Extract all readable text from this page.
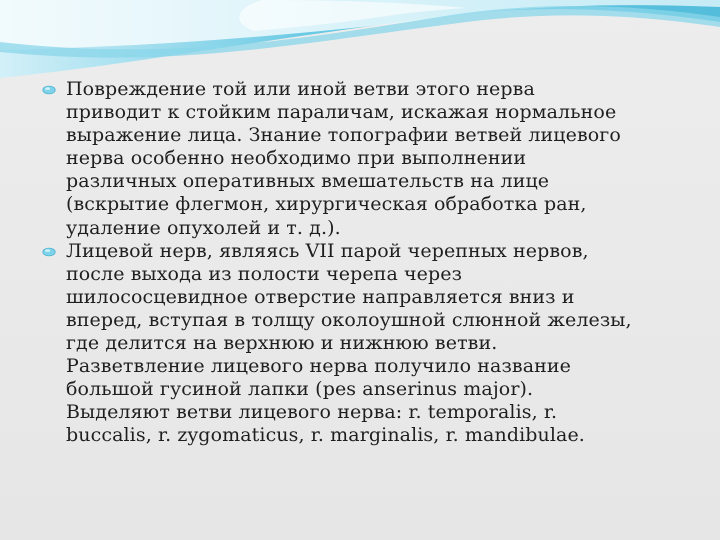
Повреждение той или иной ветви этого нерва
приводит к стойким параличам, искажая нормальное
выражение лица. Знание топографии ветвей лицевого
нерва особенно необходимо при выполнении
различных оперативных вмешательств на лице
(вскрытие флегмон, хирургическая обработка ран,
удаление опухолей и т. д.).
Лицевой нерв, являясь VII парой черепных нервов,
после выхода из полости черепа через
шилососцевидное отверстие направляется вниз и
вперед, вступая в толщу околоушной слюнной железы,
где делится на верхнюю и нижнюю ветви.
Разветвление лицевого нерва получило название
большой гусиной лапки (pes anserinus major).
Выделяют ветви лицевого нерва: r. temporalis, r.
buccalis, r. zygomaticus, r. marginalis, r. mandibulae.
